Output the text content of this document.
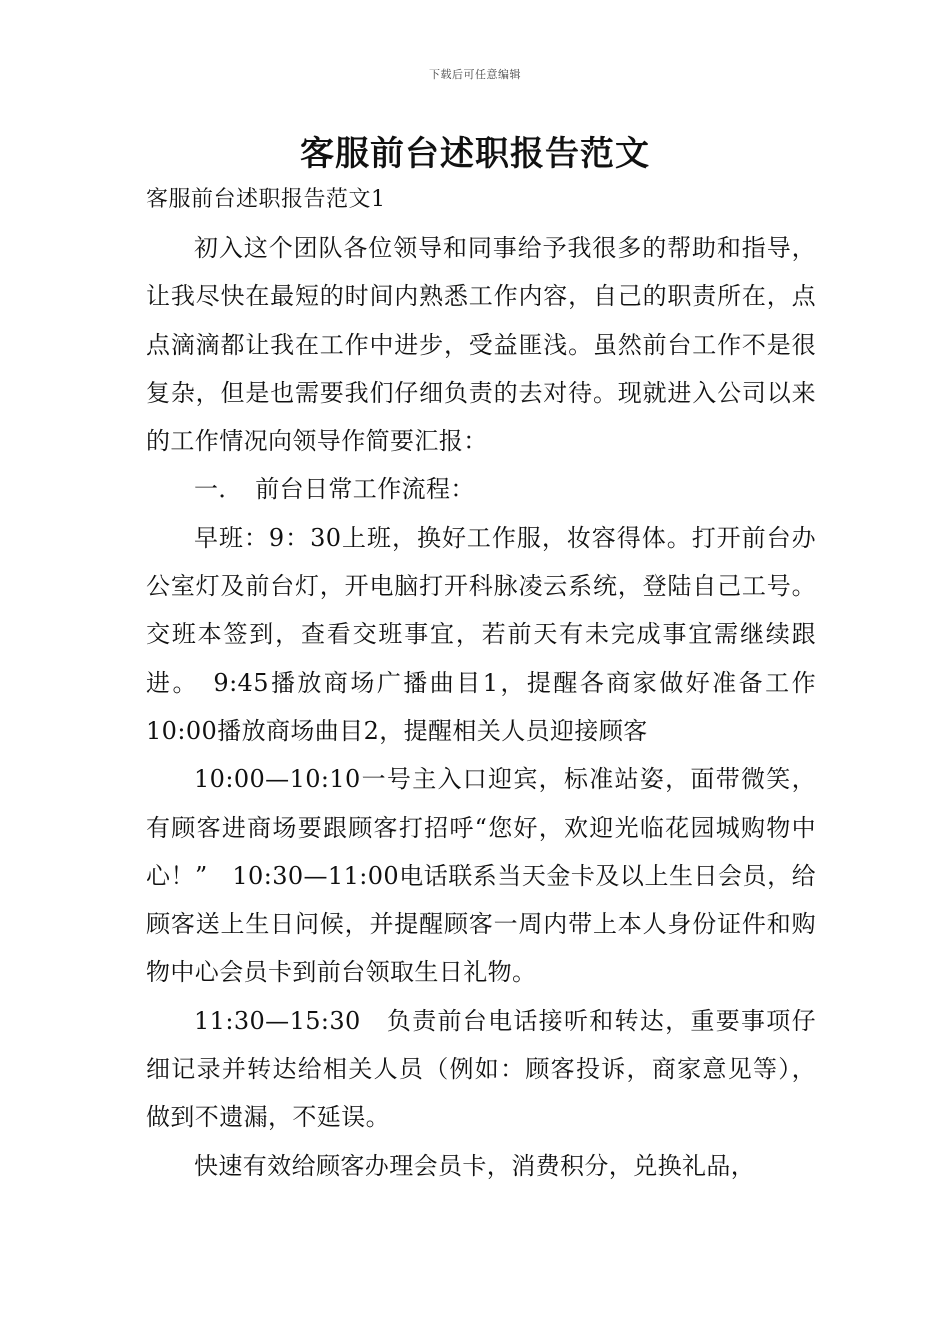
下载后可任意编辑
客服前台述职报告范文
客服前台述职报告范文1

初入这个团队各位领导和同事给予我很多的帮助和指导，让我尽快在最短的时间内熟悉工作内容，自己的职责所在，点点滴滴都让我在工作中进步，受益匪浅。虽然前台工作不是很复杂，但是也需要我们仔细负责的去对待。现就进入公司以来的工作情况向领导作简要汇报：

一．　前台日常工作流程：

早班：9：30上班，换好工作服，妆容得体。打开前台办公室灯及前台灯，开电脑打开科脉凌云系统，登陆自己工号。交班本签到，查看交班事宜，若前天有未完成事宜需继续跟进。　9:45播放商场广播曲目1，提醒各商家做好准备工作　10:00播放商场曲目2，提醒相关人员迎接顾客

10:00—10:10一号主入口迎宾，标准站姿，面带微笑，有顾客进商场要跟顾客打招呼“您好，欢迎光临花园城购物中心！”　10:30—11:00电话联系当天金卡及以上生日会员，给顾客送上生日问候，并提醒顾客一周内带上本人身份证件和购物中心会员卡到前台领取生日礼物。

11:30—15:30　负责前台电话接听和转达，重要事项仔细记录并转达给相关人员（例如：顾客投诉，商家意见等），做到不遗漏，不延误。

快速有效给顾客办理会员卡，消费积分，兑换礼品，
